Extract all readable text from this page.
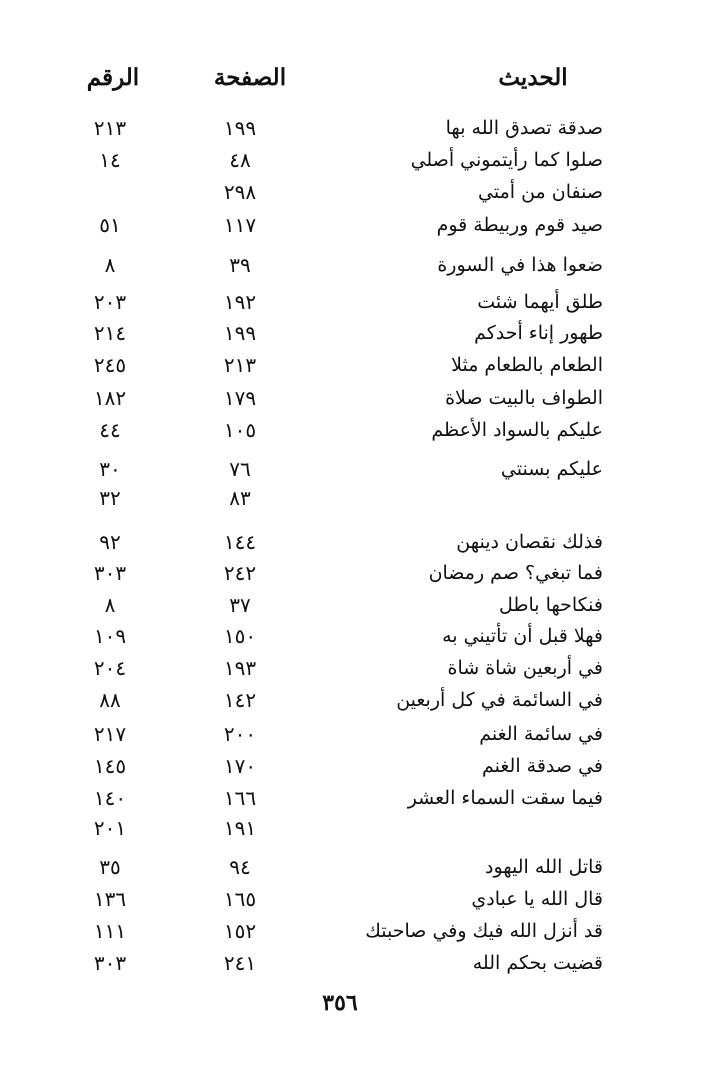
الحديث
الصفحة
الرقم
صدقة تصدق الله بها
١٩٩
٢١٣
صلوا كما رأيتموني أصلي
٤٨
١٤
صنفان من أمتي
٢٩٨
صيد قوم وربيطة قوم
١١٧
٥١
ضعوا هذا في السورة
٣٩
٨
طلق أيهما شئت
١٩٢
٢٠٣
طهور إناء أحدكم
١٩٩
٢١٤
الطعام بالطعام مثلا
٢١٣
٢٤٥
الطواف بالبيت صلاة
١٧٩
١٨٢
عليكم بالسواد الأعظم
١٠٥
٤٤
عليكم بسنتي
٧٦
٣٠
٨٣
٣٢
فذلك نقصان دينهن
١٤٤
٩٢
فما تبغي؟ صم رمضان
٢٤٢
٣٠٣
فنكاحها باطل
٣٧
٨
فهلا قبل أن تأتيني به
١٥٠
١٠٩
في أربعين شاة شاة
١٩٣
٢٠٤
في السائمة في كل أربعين
١٤٢
٨٨
في سائمة الغنم
٢٠٠
٢١٧
في صدقة الغنم
١٧٠
١٤٥
فيما سقت السماء العشر
١٦٦
١٤٠
١٩١
٢٠١
قاتل الله اليهود
٩٤
٣٥
قال الله يا عبادي
١٦٥
١٣٦
قد أنزل الله فيك وفي صاحبتك
١٥٢
١١١
قضيت بحكم الله
٢٤١
٣٠٣
٣٥٦
